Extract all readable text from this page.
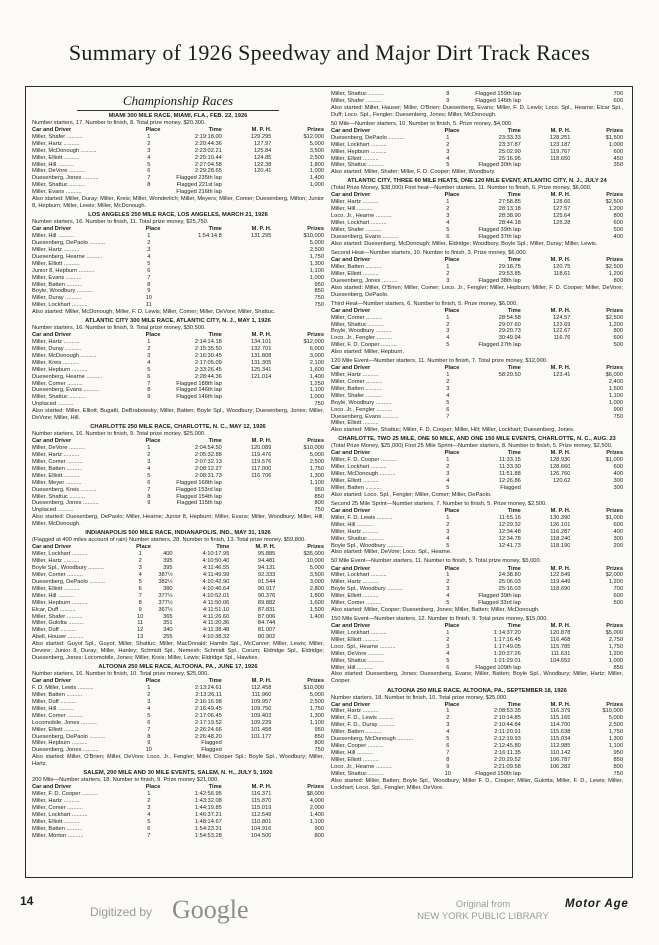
Summary of 1926 Speedway and Major Dirt Track Races
Championship Races
MIAMI 300 MILE RACE, MIAMI, FLA., FEB. 22, 1926
Number starters, 17. Number to finish, 8. Total prize money, $20,300.
Car and Driver	Place	Time	M. P. H.	Prizes
Miller, Shafer ..........	1	2:19:18.00	129.295	$12,000
Miller, Hartz ..........	2	2:20:44.36	127.97	5,000
Miller, McDonough ..........	3	2:23:02.21	125.84	3,500
Miller, Elliott ..........	4	2:25:10.44	124.85	2,500
Miller, Hill ..........	5	2:27:04.58	122.38	1,800
Miller, DeVore ..........	6	2:29:28.65	120.41	1,000
Duesenberg, Jones ..........	7	Flagged 235th lap		1,400
Miller, Shattuc ..........	8	Flagged 221st lap		1,000
Miller, Evans ..........		Flagged 216th lap		
Also started: Miller, Duray; Miller, Kreis; Miller, Wonderlich; Miller, Meyers; Miller, Comer; Duesenberg, Milton; Junior 8, Hepburn; Miller, Lewis; Miller, McDonough.
LOS ANGELES 250 MILE RACE, LOS ANGELES, MARCH 21, 1926
Number starters, 16. Number to finish, 11. Total prize money, $25,750.
Car and Driver	Place	Time	M. P. H.	Prizes
Miller, Hill ..........	1	1:54:14.8	131.295	$10,000
Duesenberg, DePaolo ..........	2			5,000
Miller, Hartz ..........	3			2,500
Duesenberg, Hearne ..........	4			1,750
Miller, Elliott ..........	5			1,300
Junior 8, Hepburn ..........	6			1,100
Miller, Evans ..........	7			1,000
Miller, Batten ..........	8			950
Boyle, Woodbury ..........	9			850
Miller, Duray ..........	10			750
Miller, Lockhart ..........	11			750
Also started: Miller, McDonough; Miller, F. D. Lewis; Miller, Comer; Miller, DeVore; Miller, Shattuc.
ATLANTIC CITY 300 MILE RACE, ATLANTIC CITY, N. J., MAY 1, 1926
Number starters, 16. Number to finish, 9. Total prize money, $30,500.
Car and Driver	Place	Time	M. P. H.	Prizes
Miller, Hartz ..........	1	2:14:14.18	134.101	$12,000
Miller, Duray ..........	2	2:15:35.50	132.701	6,000
Miller, McDonough ..........	3	2:16:30.45	131.808	3,000
Miller, Kreis ..........	4	2:17:05.09	131.305	2,100
Miller, Hepburn ..........	5	2:33:26.45	125.341	1,600
Duesenberg, Hearne ..........	6	2:28:44.36	121.014	1,400
Miller, Comer ..........	7	Flagged 188th lap		1,250
Duesenberg, Evans ..........	8	Flagged 146th lap		1,100
Miller, Shattuc ..........	9	Flagged 146th lap		1,000
Unplaced ..........				750
Also started: Miller, Elliott; Bugatti, DeBrabowsky; Miller, Batten; Boyle Spl., Woodbury; Duesenberg, Jones; Miller, DeVore; Miller, Hill.
CHARLOTTE 250 MILE RACE, CHARLOTTE, N. C., MAY 12, 1926
Number starters, 16. Number to finish, 9. Total prize money, $25,000.
Car and Driver	Place	Time	M. P. H.	Prizes
Miller, DeVore ..........	1	2:04:54.50	120.089	$10,000
Miller, Hartz ..........	2	2:05:32.88	119.476	5,000
Miller, Comer ..........	3	2:07:32.13	119.576	2,500
Miller, Batten ..........	4	2:08:12.27	117.000	1,750
Miller, Elliott ..........	5	2:08:31.73	116.706	1,300
Miller, Meyer ..........	6	Flagged 168th lap		1,100
Duesenberg, Kreis ..........	7	Flagged 153rd lap		950
Miller, Shattuc ..........	8	Flagged 154th lap		850
Duesenberg, Jones ..........	9	Flagged 115th lap		800
Unplaced ..........				750
Also started: Duesenberg, DePaolo; Miller, Hearne; Junior 8, Hepburn; Miller, Evans; Miller, Woodbury; Miller, Hill; Miller, McDonough.
INDIANAPOLIS 500 MILE RACE, INDIANAPOLIS, IND., MAY 31, 1926
(Flagged at 400 miles account of rain) Number starters, 28. Number to finish, 13. Total prize money, $59,800.
Car and Driver	Place		Time	M. P. H.	Prizes
Miller, Lockhart ..........	1	400	4:10:17.95	95.885	$35,000
Miller, Hartz ..........	2	395	4:10:50.40	94.481	10,000
Boyle Spl., Woodbury ..........	3	395	4:11:46.55	94.131	5,000
Miller, Comer ..........	4	387½	4:11:49.99	92.333	3,500
Duesenberg, DePaolo ..........	5	382½	4:10:42.90	91.544	3,000
Miller, Elliott ..........	6	380	4:10:46.64	90.917	2,800
Miller, Hill ..........	7	377½	4:10:52.01	90.376	1,800
Miller, Hepburn ..........	8	377½	4:11:50.06	89.882	1,600
Elcar, Duff ..........	9	367½	4:11:51.10	87.831	1,500
Miller, Shafer ..........	10	365	4:11:26.60	87.006	1,400
Miller, Gulotta ..........	11	351	4:11:20.36	84.744	
Miller, Duff ..........	12	340	4:11:38.48	81.007	
Abell, Houser ..........	13	255	4:10:38.32	80.902	
Also started: Guyot Spl., Guyot; Miller, Shattuc; Miller, MacDonald; Hamlin Spl., McCarver; Miller, Lewis; Miller, Devore; Junior 8, Duray; Miller, Hanley; Schmidt Spl., Nemesh; Schmidt Spl., Corum; Eldridge Spl., Eldridge; Duesenberg, Jones; Locomobile, Jones; Miller, Kreis; Miller, Lewis; Eldridge Spl., Hawkes.
ALTOONA 250 MILE RACE, ALTOONA, PA., JUNE 17, 1926
Number starters, 16. Number to finish, 10. Total prize money, $25,000.
Car and Driver	Place	Time	M. P. H.	Prizes
F. D. Miller, Lewis ..........	1	2:13:24.61	112.458	$10,000
Miller, Batten ..........	2	2:13:26.11	111.960	5,000
Miller, Duff ..........	3	2:16:16.98	109.957	2,500
Miller, Hill ..........	4	2:16:49.45	109.750	1,750
Miller, Comer ..........	5	2:17:06.45	109.403	1,300
Locomobile, Jones ..........	6	2:17:19.52	109.229	1,100
Miller, Elliott ..........	7	2:26:24.66	101.458	950
Duesenberg, DePaolo ..........	8	2:26:48.20	101.177	850
Miller, Hepburn ..........	9	Flagged		800
Duesenberg, Jones ..........	10	Flagged		750
Also started: Miller, O'Brien; Miller, DeVore; Loco. Jr., Fengler; Miller, Cooper Spl.; Boyle Spl., Woodbury; Miller, Hartz.
SALEM, 200 MILE AND 30 MILE EVENTS, SALEM, N. H., JULY 5, 1926
200 Mile—Number starters, 18. Number to finish, 9. Prize money $21,000.
Car and Driver	Place	Time	M. P. H.	Prizes
Miller, F. D. Cooper ..........	1	1:42:56.95	116.371	$8,000
Miller, Hartz ..........	2	1:43:32.08	115.870	4,000
Miller, Comer ..........	3	1:44:19.85	115.019	2,000
Miller, Lockhart ..........	4	1:46:37.21	112.549	1,400
Miller, Elliott ..........	5	1:48:14.67	110.801	1,100
Miller, Batten ..........	6	1:54:23.31	104.916	900
Miller, Morton ..........	7	1:54:53.28	104.500	800
Miller, Shattuc ..........	8	Flagged 159th lap		700
Miller, Shafer ..........	9	Flagged 146th lap		600
Also started: Miller, Hauser; Miller, O'Brien; Duesenberg, Evans; Miller, F. D. Lewis; Loco. Spl., Hearne; Elcar Spl., Duff; Loco. Spl., Fengler; Duesenberg, Jones; Miller, McDonough.
50 Mile—Number starters, 10. Number to finish, 5. Prize money, $4,000.
Car and Driver	Place	Time	M. P. H.	Prizes
Duesenberg, DePaolo ..........	1	23:33.33	128.251	$1,500
Miller, Lockhart ..........	2	23:37.87	123.187	1,000
Miller, Hepburn ..........	3	25:02.90	119.767	600
Miller, Elliott ..........	4	25:16.95	118.650	450
Miller, Shattuc ..........	5	Flagged 30th lap		350
Also started: Miller, Shafer; Miller, F. D. Cooper; Miller, Woodbury.
ATLANTIC CITY, THREE 60 MILE HEATS, ONE 120 MILE EVENT, ATLANTIC CITY, N. J., JULY 24
(Total Prize Money, $38,000) First heat—Number starters, 11. Number to finish, 6. Prize money, $6,000.
Car and Driver	Place	Time	M. P. H.	Prizes
Miller, Hartz ..........	1	27:58.85	128.66	$2,500
Miller, Hill ..........	2	28:13.18	127.57	1,200
Loco. Jr., Hearne ..........	3	28:38.90	125.64	800
Miller, Lockhart ..........	4	28:44.18	125.28	600
Miller, Shafer ..........	5	Flagged 39th lap		500
Duesenberg, Evans ..........	6	Flagged 37th lap		400
Also started: Duesenberg, McDonough; Miller, Eldridge; Woodbury, Boyle Spl.; Miller, Duray; Miller, Lewis.
Second Heat—Number starters, 10. Number to finish, 3. Prize money, $6,000.
Car and Driver	Place	Time	M. P. H.	Prizes
Miller, Batten ..........	1	29:18.75	120.75	$2,500
Miller, Elliott ..........	2	29:53.85	118.61	1,200
Duesenberg, Jones ..........	3	Flagged 38th lap		800
Also started: Miller, O'Brien; Miller, Comer; Loco. Jr., Fengler; Miller, Hepburn; Miller, F. D. Cooper; Miller, DeVore; Duesenberg, DePaolo.
Third Heat—Number starters, 6. Number to finish, 5. Prize money, $6,000.
Car and Driver	Place	Time	M. P. H.	Prizes
Miller, Comer ..........	1	28:54.58	124.57	$2,500
Miller, Shattuc ..........	2	29:07.60	123.69	1,200
Boyle, Woodbury ..........	3	29:20.73	122.67	800
Loco. Jr., Fengler ..........	4	30:49.94	116.76	600
Miller, F. D. Cooper ..........	5	Flagged 27th lap		500
Also started: Miller, Hepburn.
120 Mile Event—Number starters, 11. Number to finish, 7. Total prize money, $12,000.
Car and Driver	Place	Time	M. P. H.	Prizes
Miller, Hartz ..........	1	58:20.50	123.41	$6,000
Miller, Comer ..........	2			2,400
Miller, Batten ..........	3			1,500
Miller, Shafer ..........	4			1,100
Boyle, Woodbury ..........	5			1,000
Loco. Jr., Fengler ..........	6			900
Duesenberg, Evans ..........	7			750
Miller, Elliott ..........				
Also started: Miller, Shattuc; Miller, F. D. Cooper; Miller, Hill; Miller, Lockhart; Duesenberg, Jones.
CHARLOTTE, TWO 25 MILE, ONE 50 MILE, AND ONE 150 MILE EVENTS, CHARLOTTE, N. C., AUG. 23
(Total Prize Money, $25,000) First 25 Mile Sprint—Number starters, 8. Number to finish, 5. Prize money, $2,500.
Car and Driver	Place	Time	M. P. H.	Prizes
Miller, F. D. Cooper ..........	1	11:33.15	128.930	$1,000
Miller, Lockhart ..........	2	11:33.30	128.660	600
Miller, McDonough ..........	3	11:51.88	126.760	400
Miller, Elliott ..........	4	12:26.86	120.62	300
Miller, Batten ..........	5	Flagged		300
Also started: Loco. Spl., Fengler; Miller, Comer; Miller, DePaolo.
Second 25 Mile Sprint—Number starters, 7. Number to finish, 5. Prize money, $2,500.
Car and Driver	Place	Time	M. P. H.	Prizes
Miller, F. D. Lewis ..........	1	11:55.16	130.390	$1,000
Miller, Hill ..........	2	12:29.32	126.101	600
Miller, Hartz ..........	3	12:34.48	116.287	400
Miller, Shattuc ..........	4	12:34.78	118.240	300
Boyle Spl., Woodbury ..........	5	12:41.73	118.190	200
Also started: Miller, DeVore; Loco. Spl., Hearne.
50 Mile Event—Number starters, 11. Number to finish, 5. Total prize money, $5,000.
Car and Driver	Place	Time	M. P. H.	Prizes
Miller, Lockhart ..........	1	24:38.80	122.549	$2,000
Miller, Hartz ..........	2	25:06.03	119.449	1,200
Boyle Spl., Woodbury ..........	3	25:16.03	118.690	700
Miller, Elliott ..........	4	Flagged 39th lap		600
Miller, Comer ..........	5	Flagged 33rd lap		500
Also started: Miller, Cooper; Duesenberg, Jones; Miller, Batten; Miller, McDonough.
150 Mile Event—Number starters, 12. Number to finish, 9. Total prize money, $15,000.
Car and Driver	Place	Time	M. P. H.	Prizes
Miller, Lockhart ..........	1	1:14:37.20	120.878	$5,000
Miller, Elliott ..........	2	1:17:16.45	116.468	2,750
Loco. Spl., Hearne ..........	3	1:17:49.05	115.785	1,750
Miller, DeVore ..........	4	1:20:37.26	111.631	1,200
Miller, Shattuc ..........	5	1:21:29.01	104.652	1,000
Miller, Hill ..........	6	Flagged 109th lap		850
Also started: Duesenberg, Jones; Duesenberg, Evans; Miller, Batten; Boyle Spl., Woodbury; Miller, Hartz; Miller, Cooper.
ALTOONA 250 MILE RACE, ALTOONA, PA., SEPTEMBER 18, 1926
Number starters, 18. Number to finish, 10. Total prize money, $25,000.
Car and Driver	Place	Time	M. P. H.	Prizes
Miller, Hartz ..........	1	2:08:53.35	116.379	$10,000
Miller, F. D., Lewis ..........	2	2:10:14.85	115.165	5,000
Miller, F. D., Duray ..........	3	2:10:44.84	114.700	2,500
Miller, Batten ..........	4	2:11:20.91	115.638	1,750
Duesenberg, McDonough ..........	5	2:12:19.93	115.034	1,300
Miller, Cooper ..........	6	2:12:45.80	112.985	1,100
Miller, Hill ..........	7	2:16:11.35	110.142	950
Miller, Elliott ..........	8	2:20:29.52	106.787	850
Loco. Jr., Hearne ..........	9	2:21:09.58	106.282	800
Miller, Shattuc ..........	10	Flagged 150th lap		750
Also started: Miller, Batten; Boyle Spl., Woodbury; Miller F. D., Cooper; Miller, Gulotta; Miller, F. D., Lewis; Miller, Lockhart; Loco. Spl., Fengler; Miller, DeVore.
14
Digitized by Google	Original from
NEW YORK PUBLIC LIBRARY
Motor Age
